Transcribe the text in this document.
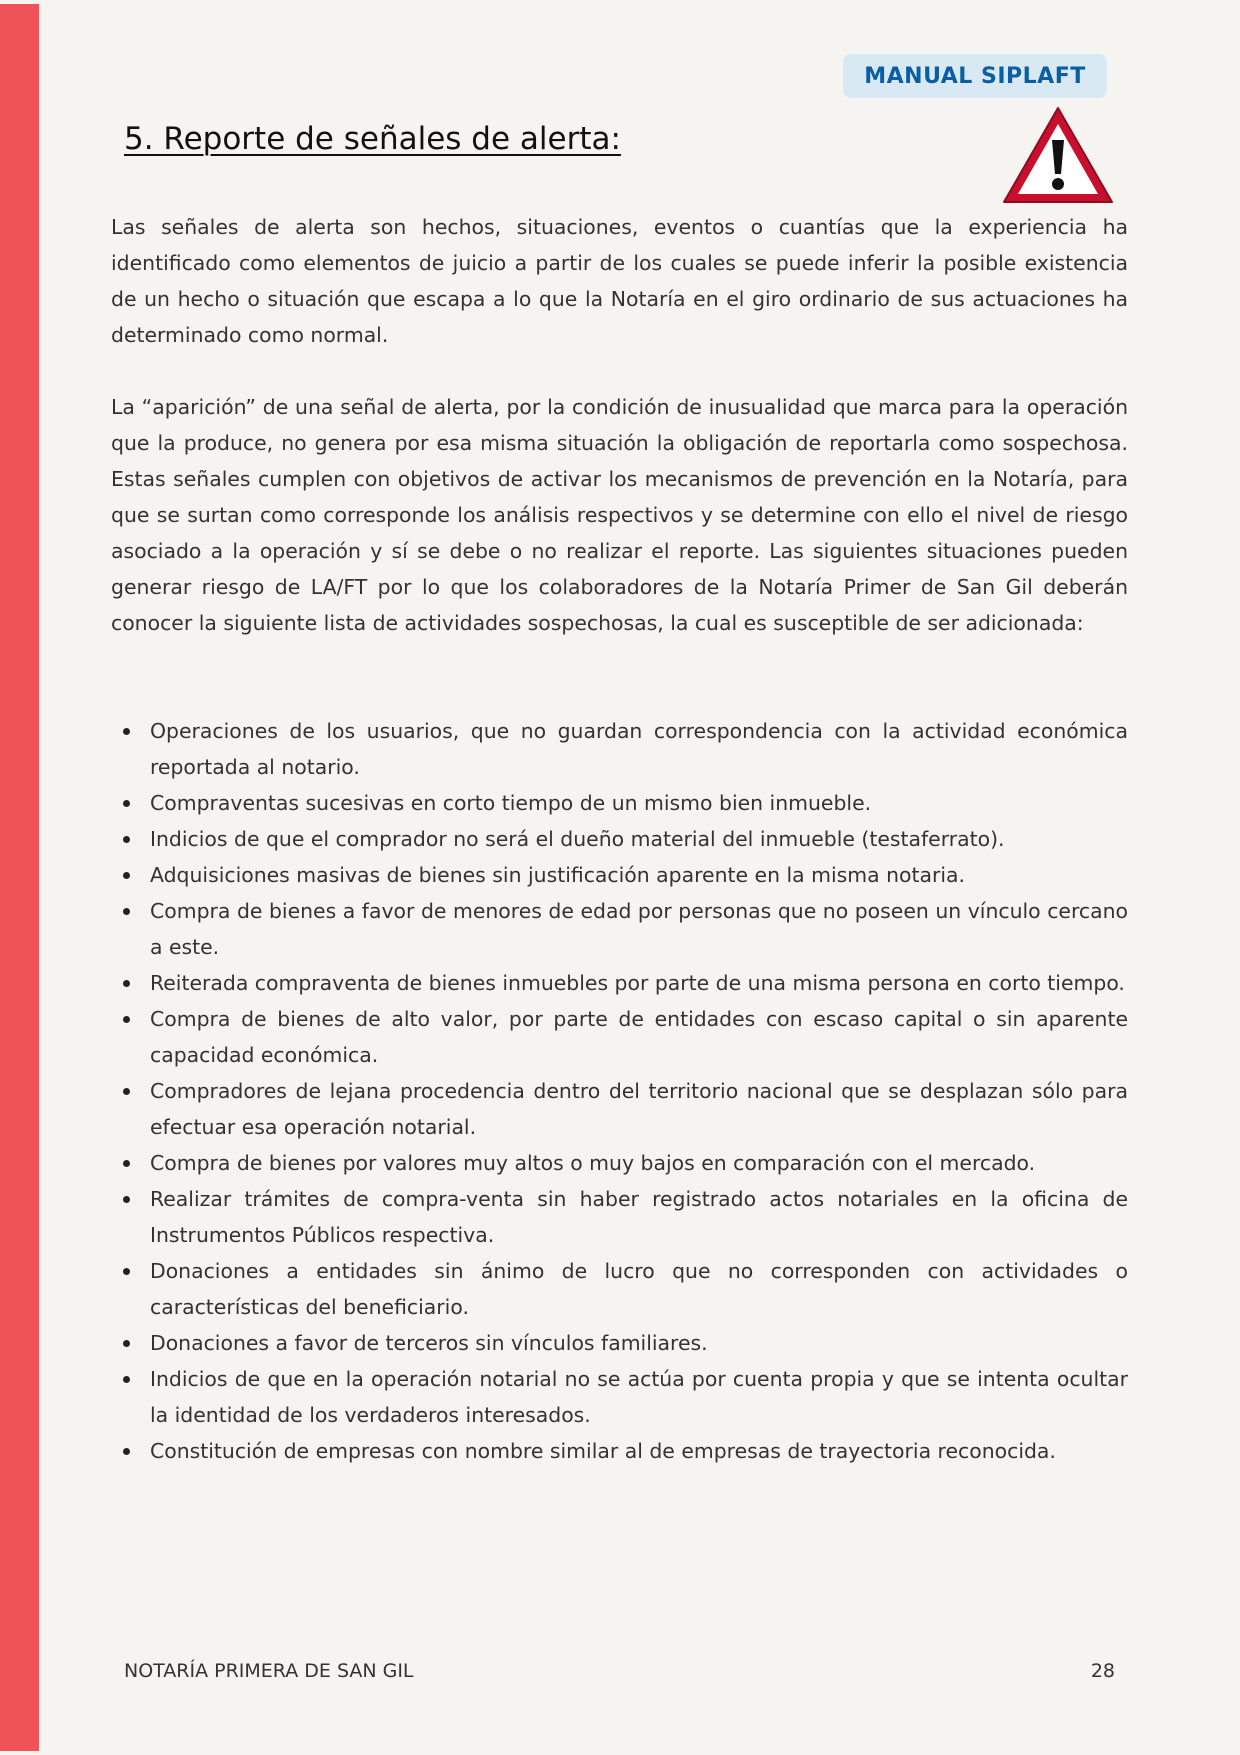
MANUAL SIPLAFT
5. Reporte de señales de alerta:

Las señales de alerta son hechos, situaciones, eventos o cuantías que la experiencia ha identificado como elementos de juicio a partir de los cuales se puede inferir la posible existencia de un hecho o situación que escapa a lo que la Notaría en el giro ordinario de sus actuaciones ha determinado como normal.

La “aparición” de una señal de alerta, por la condición de inusualidad que marca para la operación que la produce, no genera por esa misma situación la obligación de reportarla como sospechosa. Estas señales cumplen con objetivos de activar los mecanismos de prevención en la Notaría, para que se surtan como corresponde los análisis respectivos y se determine con ello el nivel de riesgo asociado a la operación y sí se debe o no realizar el reporte. Las siguientes situaciones pueden generar riesgo de LA/FT por lo que los colaboradores de la Notaría Primer de San Gil deberán conocer la siguiente lista de actividades sospechosas, la cual es susceptible de ser adicionada:

Operaciones de los usuarios, que no guardan correspondencia con la actividad económica reportada al notario.
Compraventas sucesivas en corto tiempo de un mismo bien inmueble.
Indicios de que el comprador no será el dueño material del inmueble (testaferrato).
Adquisiciones masivas de bienes sin justificación aparente en la misma notaria.
Compra de bienes a favor de menores de edad por personas que no poseen un vínculo cercano a este.
Reiterada compraventa de bienes inmuebles por parte de una misma persona en corto tiempo.
Compra de bienes de alto valor, por parte de entidades con escaso capital o sin aparente capacidad económica.
Compradores de lejana procedencia dentro del territorio nacional que se desplazan sólo para efectuar esa operación notarial.
Compra de bienes por valores muy altos o muy bajos en comparación con el mercado.
Realizar trámites de compra-venta sin haber registrado actos notariales en la oficina de Instrumentos Públicos respectiva.
Donaciones a entidades sin ánimo de lucro que no corresponden con actividades o características del beneficiario.
Donaciones a favor de terceros sin vínculos familiares.
Indicios de que en la operación notarial no se actúa por cuenta propia y que se intenta ocultar la identidad de los verdaderos interesados.
Constitución de empresas con nombre similar al de empresas de trayectoria reconocida.
NOTARÍA PRIMERA DE SAN GIL	28
